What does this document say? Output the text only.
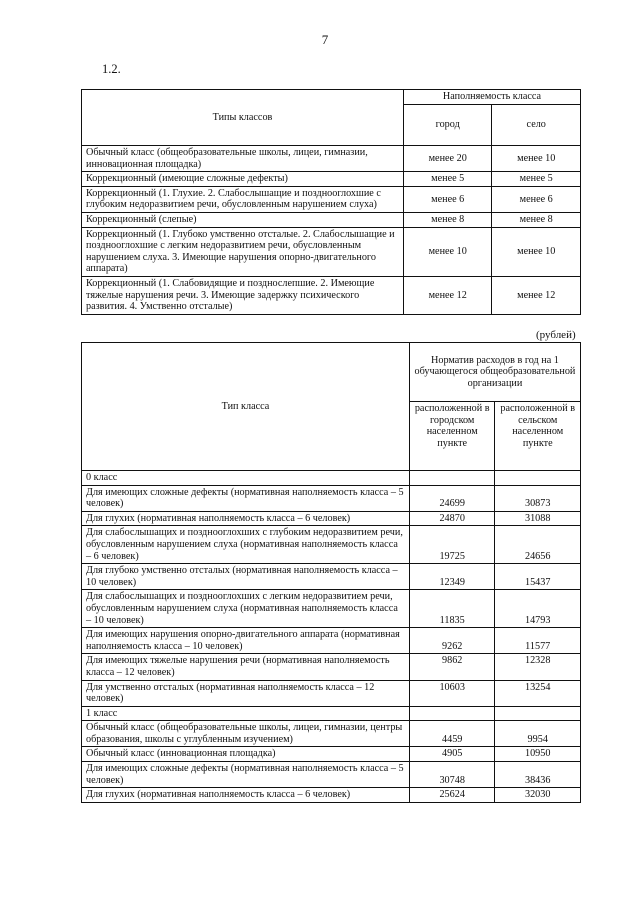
7
1.2.
Типы классов	Наполняемость класса	
	город	село
Обычный класс (общеобразовательные школы, лицеи, гимназии, инновационная площадка)	менее 20	менее 10
Коррекционный (имеющие сложные дефекты)	менее 5	менее 5
Коррекционный (1. Глухие. 2. Слабослышащие и позднооглохшие с глубоким недоразвитием речи, обусловленным нарушением слуха)	менее 6	менее 6
Коррекционный (слепые)	менее 8	менее 8
Коррекционный (1. Глубоко умственно отсталые. 2. Слабослышащие и позднооглохшие с легким недоразвитием речи, обусловленным нарушением слуха. 3. Имеющие нарушения опорно-двигательного аппарата)	менее 10	менее 10
Коррекционный (1. Слабовидящие и позднослепшие. 2. Имеющие тяжелые нарушения речи. 3. Имеющие задержку психического развития. 4. Умственно отсталые)	менее 12	менее 12
(рублей)
Тип класса	Норматив расходов в год на 1 обучающегося общеобразовательной организации	
	расположенной в городском населенном пункте	расположенной в сельском населенном пункте
0 класс		
Для имеющих сложные дефекты (нормативная наполняемость класса – 5 человек)	24699	30873
Для глухих (нормативная наполняемость класса – 6 человек)	24870	31088
Для слабослышащих и позднооглохших с глубоким недоразвитием речи, обусловленным нарушением слуха (нормативная наполняемость класса – 6 человек)	19725	24656
Для глубоко умственно отсталых (нормативная наполняемость класса – 10 человек)	12349	15437
Для слабослышащих и позднооглохших с легким недоразвитием речи, обусловленным нарушением слуха (нормативная наполняемость класса – 10 человек)	11835	14793
Для имеющих нарушения опорно-двигательного аппарата (нормативная наполняемость класса – 10 человек)	9262	11577
Для имеющих тяжелые нарушения речи (нормативная наполняемость класса – 12 человек)	9862	12328
Для умственно отсталых (нормативная наполняемость класса – 12 человек)	10603	13254
1 класс		
Обычный класс (общеобразовательные школы, лицеи, гимназии, центры образования, школы с углубленным изучением)	4459	9954
Обычный класс (инновационная площадка)	4905	10950
Для имеющих сложные дефекты (нормативная наполняемость класса – 5 человек)	30748	38436
Для глухих (нормативная наполняемость класса – 6 человек)	25624	32030
